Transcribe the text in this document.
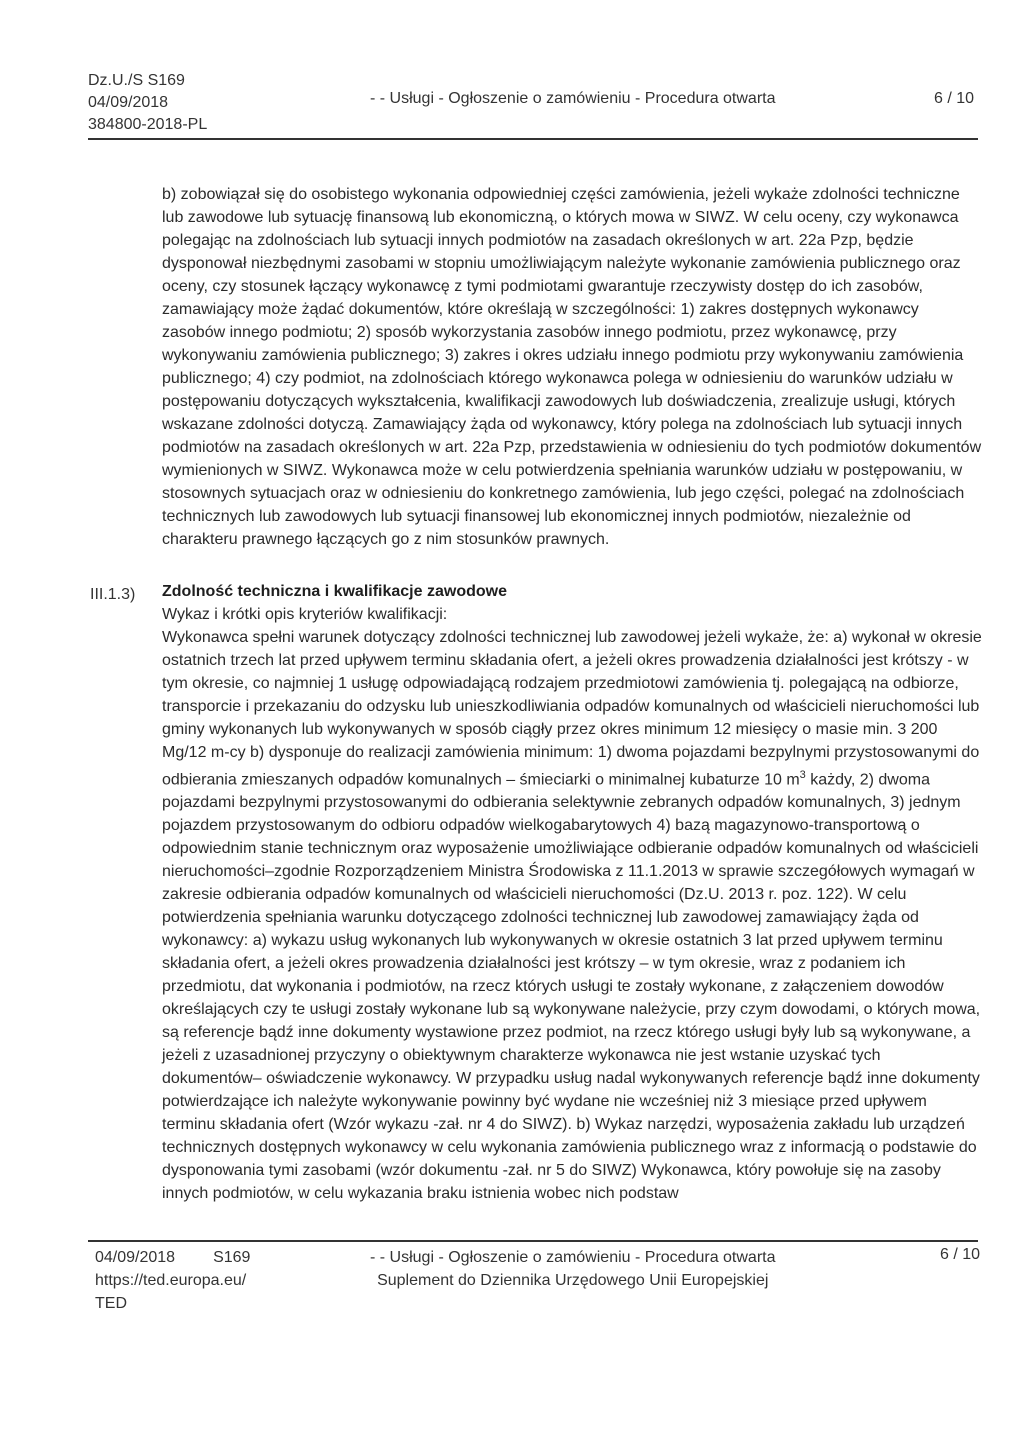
Dz.U./S S169
04/09/2018
384800-2018-PL
- - Usługi - Ogłoszenie o zamówieniu - Procedura otwarta	6 / 10

b) zobowiązał się do osobistego wykonania odpowiedniej części zamówienia, jeżeli wykaże zdolności techniczne lub zawodowe lub sytuację finansową lub ekonomiczną, o których mowa w SIWZ. W celu oceny, czy wykonawca polegając na zdolnościach lub sytuacji innych podmiotów na zasadach określonych w art. 22a Pzp, będzie dysponował niezbędnymi zasobami w stopniu umożliwiającym należyte wykonanie zamówienia publicznego oraz oceny, czy stosunek łączący wykonawcę z tymi podmiotami gwarantuje rzeczywisty dostęp do ich zasobów, zamawiający może żądać dokumentów, które określają w szczególności: 1) zakres dostępnych wykonawcy zasobów innego podmiotu; 2) sposób wykorzystania zasobów innego podmiotu, przez wykonawcę, przy wykonywaniu zamówienia publicznego; 3) zakres i okres udziału innego podmiotu przy wykonywaniu zamówienia publicznego; 4) czy podmiot, na zdolnościach którego wykonawca polega w odniesieniu do warunków udziału w postępowaniu dotyczących wykształcenia, kwalifikacji zawodowych lub doświadczenia, zrealizuje usługi, których wskazane zdolności dotyczą. Zamawiający żąda od wykonawcy, który polega na zdolnościach lub sytuacji innych podmiotów na zasadach określonych w art. 22a Pzp, przedstawienia w odniesieniu do tych podmiotów dokumentów wymienionych w SIWZ. Wykonawca może w celu potwierdzenia spełniania warunków udziału w postępowaniu, w stosownych sytuacjach oraz w odniesieniu do konkretnego zamówienia, lub jego części, polegać na zdolnościach technicznych lub zawodowych lub sytuacji finansowej lub ekonomicznej innych podmiotów, niezależnie od charakteru prawnego łączących go z nim stosunków prawnych.

III.1.3) Zdolność techniczna i kwalifikacje zawodowe

Wykaz i krótki opis kryteriów kwalifikacji:

Wykonawca spełni warunek dotyczący zdolności technicznej lub zawodowej jeżeli wykaże, że: a) wykonał w okresie ostatnich trzech lat przed upływem terminu składania ofert, a jeżeli okres prowadzenia działalności jest krótszy - w tym okresie, co najmniej 1 usługę odpowiadającą rodzajem przedmiotowi zamówienia tj. polegającą na odbiorze, transporcie i przekazaniu do odzysku lub unieszkodliwiania odpadów komunalnych od właścicieli nieruchomości lub gminy wykonanych lub wykonywanych w sposób ciągły przez okres minimum 12 miesięcy o masie min. 3 200 Mg/12 m-cy b) dysponuje do realizacji zamówienia minimum: 1) dwoma pojazdami bezpylnymi przystosowanymi do odbierania zmieszanych odpadów komunalnych – śmieciarki o minimalnej kubaturze 10 $m^3$ każdy, 2) dwoma pojazdami bezpylnymi przystosowanymi do odbierania selektywnie zebranych odpadów komunalnych, 3) jednym pojazdem przystosowanym do odbioru odpadów wielkogabarytowych 4) bazą magazynowo-transportową o odpowiednim stanie technicznym oraz wyposażenie umożliwiające odbieranie odpadów komunalnych od właścicieli nieruchomości–zgodnie Rozporządzeniem Ministra Środowiska z 11.1.2013 w sprawie szczegółowych wymagań w zakresie odbierania odpadów komunalnych od właścicieli nieruchomości (Dz.U. 2013 r. poz. 122). W celu potwierdzenia spełniania warunku dotyczącego zdolności technicznej lub zawodowej zamawiający żąda od wykonawcy: a) wykazu usług wykonanych lub wykonywanych w okresie ostatnich 3 lat przed upływem terminu składania ofert, a jeżeli okres prowadzenia działalności jest krótszy – w tym okresie, wraz z podaniem ich przedmiotu, dat wykonania i podmiotów, na rzecz których usługi te zostały wykonane, z załączeniem dowodów określających czy te usługi zostały wykonane lub są wykonywane należycie, przy czym dowodami, o których mowa, są referencje bądź inne dokumenty wystawione przez podmiot, na rzecz którego usługi były lub są wykonywane, a jeżeli z uzasadnionej przyczyny o obiektywnym charakterze wykonawca nie jest wstanie uzyskać tych dokumentów– oświadczenie wykonawcy. W przypadku usług nadal wykonywanych referencje bądź inne dokumenty potwierdzające ich należyte wykonywanie powinny być wydane nie wcześniej niż 3 miesiące przed upływem terminu składania ofert (Wzór wykazu -zał. nr 4 do SIWZ). b) Wykaz narzędzi, wyposażenia zakładu lub urządzeń technicznych dostępnych wykonawcy w celu wykonania zamówienia publicznego wraz z informacją o podstawie do dysponowania tymi zasobami (wzór dokumentu -zał. nr 5 do SIWZ) Wykonawca, który powołuje się na zasoby innych podmiotów, w celu wykazania braku istnienia wobec nich podstaw

04/09/2018 S169
https://ted.europa.eu/
TED
- - Usługi - Ogłoszenie o zamówieniu - Procedura otwarta
Suplement do Dziennika Urzędowego Unii Europejskiej
6 / 10
